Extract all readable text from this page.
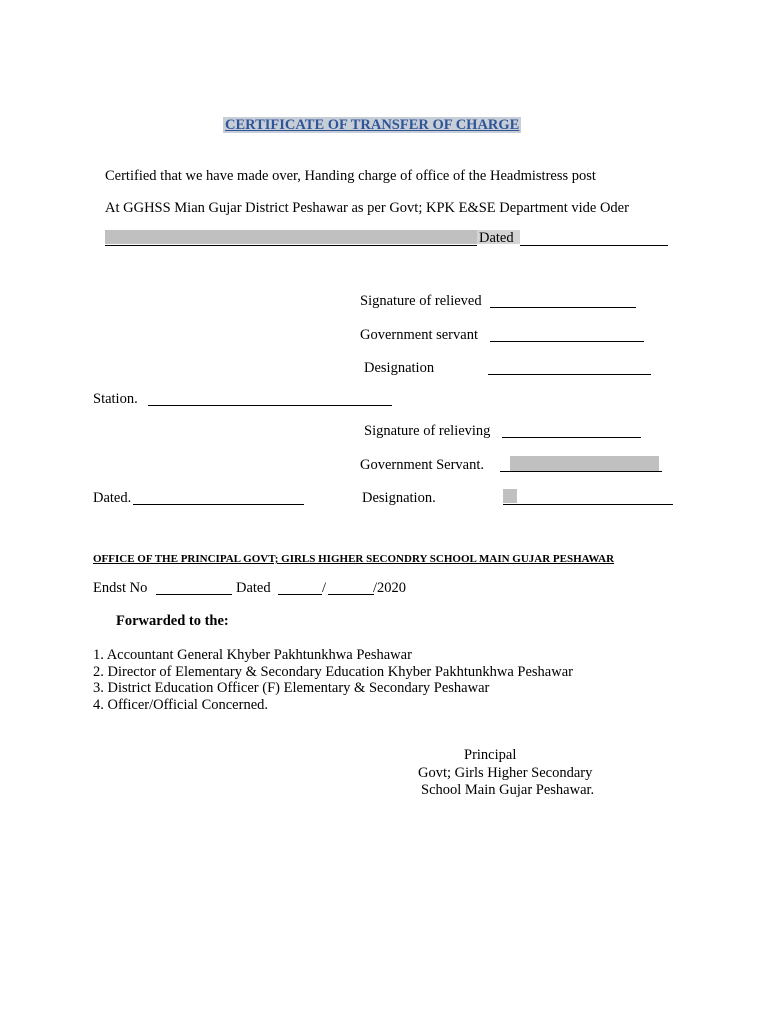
CERTIFICATE OF TRANSFER OF CHARGE
Certified that we have made over, Handing charge of office of the Headmistress post
At GGHSS Mian Gujar District Peshawar as per Govt; KPK E&SE Department vide Oder
Dated
Signature of relieved
Government servant
Designation
Station.
Signature of relieving
Government Servant.
Dated.	Designation.
OFFICE OF THE PRINCIPAL GOVT; GIRLS HIGHER SECONDRY SCHOOL MAIN GUJAR PESHAWAR
Endst No	Dated	/	/2020
Forwarded to the:
1. Accountant General Khyber Pakhtunkhwa Peshawar
2. Director of Elementary & Secondary Education Khyber Pakhtunkhwa Peshawar
3. District Education Officer (F) Elementary & Secondary Peshawar
4. Officer/Official Concerned.
Principal
Govt; Girls Higher Secondary
School Main Gujar Peshawar.
